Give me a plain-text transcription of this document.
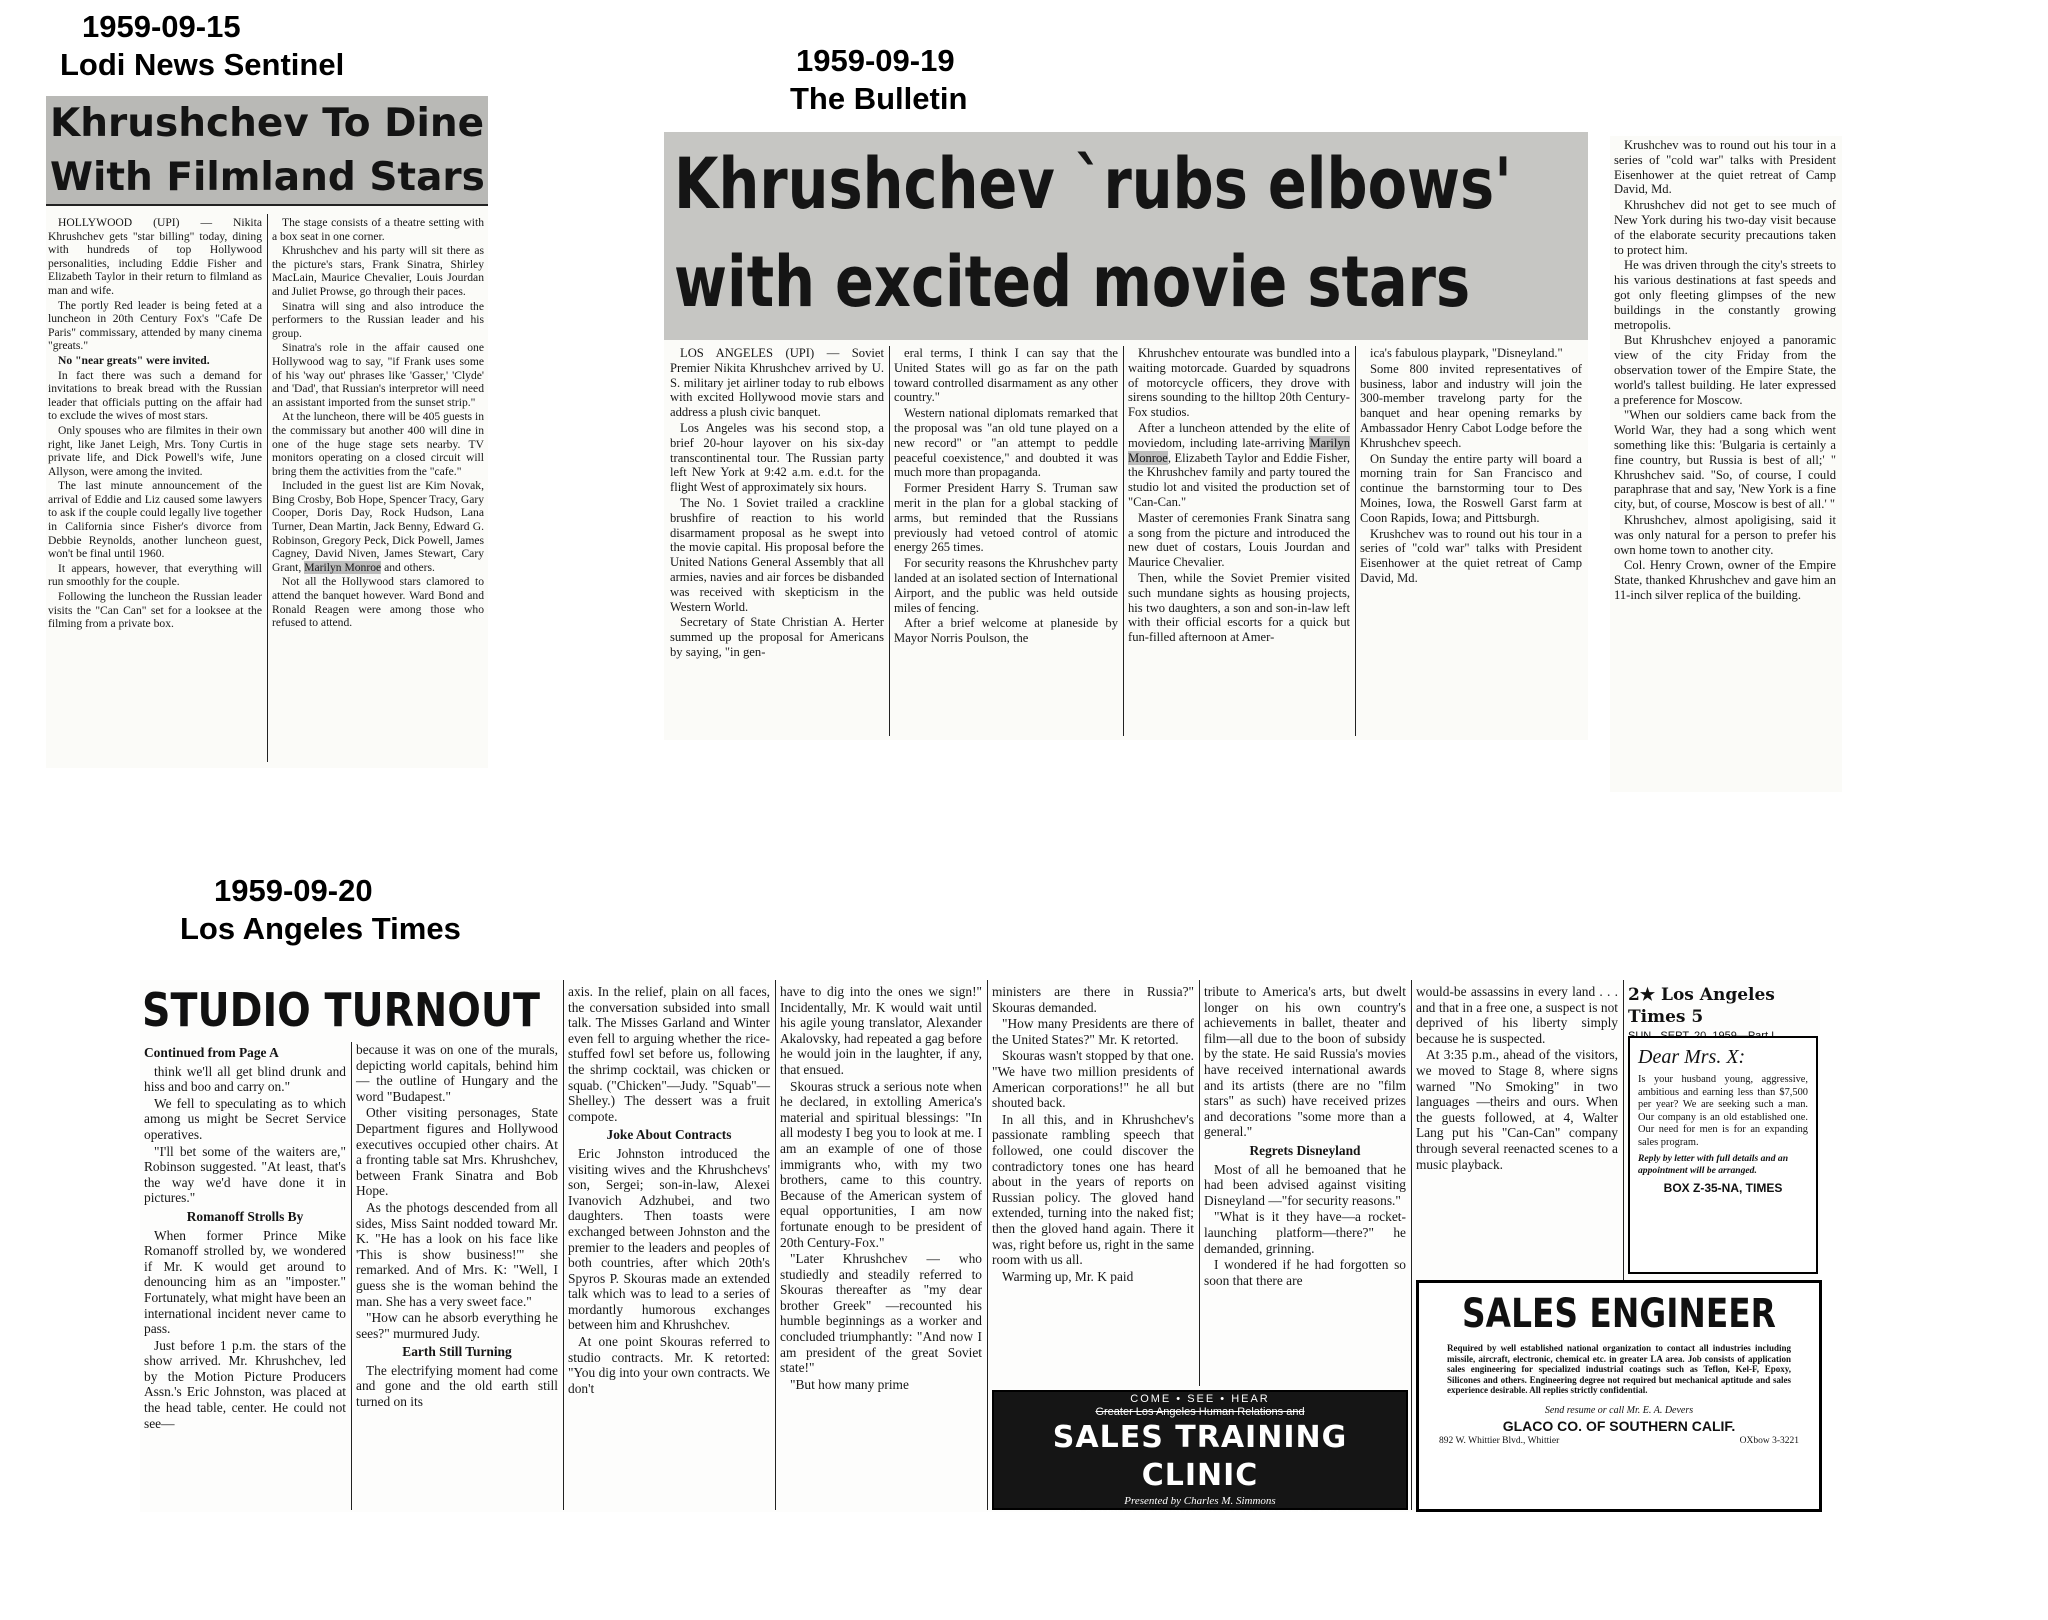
1959-09-15
Lodi News Sentinel	1959-09-19
The Bulletin
1959-09-20
Los Angeles Times
Khrushchev To Dine
With Filmland Stars

HOLLYWOOD (UPI) — Nikita Khrushchev gets "star billing" today, dining with hundreds of top Hollywood personalities, including Eddie Fisher and Elizabeth Taylor in their return to filmland as man and wife.

The portly Red leader is being feted at a luncheon in 20th Century Fox's "Cafe De Paris" commissary, attended by many cinema "greats."

No "near greats" were invited.

In fact there was such a demand for invitations to break bread with the Russian leader that officials putting on the affair had to exclude the wives of most stars.

Only spouses who are filmites in their own right, like Janet Leigh, Mrs. Tony Curtis in private life, and Dick Powell's wife, June Allyson, were among the invited.

The last minute announcement of the arrival of Eddie and Liz caused some lawyers to ask if the couple could legally live together in California since Fisher's divorce from Debbie Reynolds, another luncheon guest, won't be final until 1960.

It appears, however, that everything will run smoothly for the couple.

Following the luncheon the Russian leader visits the "Can Can" set for a looksee at the filming from a private box.

The stage consists of a theatre setting with a box seat in one corner.

Khrushchev and his party will sit there as the picture's stars, Frank Sinatra, Shirley MacLain, Maurice Chevalier, Louis Jourdan and Juliet Prowse, go through their paces.

Sinatra will sing and also introduce the performers to the Russian leader and his group.

Sinatra's role in the affair caused one Hollywood wag to say, "if Frank uses some of his 'way out' phrases like 'Gasser,' 'Clyde' and 'Dad', that Russian's interpretor will need an assistant imported from the sunset strip."

At the luncheon, there will be 405 guests in the commissary but another 400 will dine in one of the huge stage sets nearby. TV monitors operating on a closed circuit will bring them the activities from the "cafe."

Included in the guest list are Kim Novak, Bing Crosby, Bob Hope, Spencer Tracy, Gary Cooper, Doris Day, Rock Hudson, Lana Turner, Dean Martin, Jack Benny, Edward G. Robinson, Gregory Peck, Dick Powell, James Cagney, David Niven, James Stewart, Cary Grant, Marilyn Monroe and others.

Not all the Hollywood stars clamored to attend the banquet however. Ward Bond and Ronald Reagen were among those who refused to attend.

Khrushchev `rubs elbows'
with excited movie stars

LOS ANGELES (UPI) — Soviet Premier Nikita Khrushchev arrived by U. S. military jet airliner today to rub elbows with excited Hollywood movie stars and address a plush civic banquet.

Los Angeles was his second stop, a brief 20-hour layover on his six-day transcontinental tour. The Russian party left New York at 9:42 a.m. e.d.t. for the flight West of approximately six hours.

The No. 1 Soviet trailed a crackline brushfire of reaction to his world disarmament proposal as he swept into the movie capital. His proposal before the United Nations General Assembly that all armies, navies and air forces be disbanded was received with skepticism in the Western World.

Secretary of State Christian A. Herter summed up the proposal for Americans by saying, "in gen-

eral terms, I think I can say that the United States will go as far on the path toward controlled disarmament as any other country."

Western national diplomats remarked that the proposal was "an old tune played on a new record" or "an attempt to peddle peaceful coexistence," and doubted it was much more than propaganda.

Former President Harry S. Truman saw merit in the plan for a global stacking of arms, but reminded that the Russians previously had vetoed control of atomic energy 265 times.

For security reasons the Khrushchev party landed at an isolated section of International Airport, and the public was held outside miles of fencing.

After a brief welcome at planeside by Mayor Norris Poulson, the

Khrushchev entourate was bundled into a waiting motorcade. Guarded by squadrons of motorcycle officers, they drove with sirens sounding to the hilltop 20th Century-Fox studios.

After a luncheon attended by the elite of moviedom, including late-arriving Marilyn Monroe, Elizabeth Taylor and Eddie Fisher, the Khrushchev family and party toured the studio lot and visited the production set of "Can-Can."

Master of ceremonies Frank Sinatra sang a song from the picture and introduced the new duet of costars, Louis Jourdan and Maurice Chevalier.

Then, while the Soviet Premier visited such mundane sights as housing projects, his two daughters, a son and son-in-law left with their official escorts for a quick but fun-filled afternoon at Amer-

ica's fabulous playpark, "Disneyland."

Some 800 invited representatives of business, labor and industry will join the 300-member travelong party for the banquet and hear opening remarks by Ambassador Henry Cabot Lodge before the Khrushchev speech.

On Sunday the entire party will board a morning train for San Francisco and continue the barnstorming tour to Des Moines, Iowa, the Roswell Garst farm at Coon Rapids, Iowa; and Pittsburgh.

Krushchev was to round out his tour in a series of "cold war" talks with President Eisenhower at the quiet retreat of Camp David, Md.

Krushchev was to round out his tour in a series of "cold war" talks with President Eisenhower at the quiet retreat of Camp David, Md.

Khrushchev did not get to see much of New York during his two-day visit because of the elaborate security precautions taken to protect him.

He was driven through the city's streets to his various destinations at fast speeds and got only fleeting glimpses of the new buildings in the constantly growing metropolis.

But Khrushchev enjoyed a panoramic view of the city Friday from the observation tower of the Empire State, the world's tallest building. He later expressed a preference for Moscow.

"When our soldiers came back from the World War, they had a song which went something like this: 'Bulgaria is certainly a fine country, but Russia is best of all;' " Khrushchev said. "So, of course, I could paraphrase that and say, 'New York is a fine city, but, of course, Moscow is best of all.' "

Khrushchev, almost apoligising, said it was only natural for a person to prefer his own home town to another city.

Col. Henry Crown, owner of the Empire State, thanked Khrushchev and gave him an 11-inch silver replica of the building.

STUDIO TURNOUT

Continued from Page A

think we'll all get blind drunk and hiss and boo and carry on."

We fell to speculating as to which among us might be Secret Service operatives.

"I'll bet some of the waiters are," Robinson suggested. "At least, that's the way we'd have done it in pictures."

Romanoff Strolls By

When former Prince Mike Romanoff strolled by, we wondered if Mr. K would get around to denouncing him as an "imposter." Fortunately, what might have been an international incident never came to pass.

Just before 1 p.m. the stars of the show arrived. Mr. Khrushchev, led by the Motion Picture Producers Assn.'s Eric Johnston, was placed at the head table, center. He could not see—

because it was on one of the murals, depicting world capitals, behind him — the outline of Hungary and the word "Budapest."

Other visiting personages, State Department figures and Hollywood executives occupied other chairs. At a fronting table sat Mrs. Khrushchev, between Frank Sinatra and Bob Hope.

As the photogs descended from all sides, Miss Saint nodded toward Mr. K. "He has a look on his face like 'This is show business!'" she remarked. And of Mrs. K: "Well, I guess she is the woman behind the man. She has a very sweet face."

"How can he absorb everything he sees?" murmured Judy.

Earth Still Turning

The electrifying moment had come and gone and the old earth still turned on its

axis. In the relief, plain on all faces, the conversation subsided into small talk. The Misses Garland and Winter even fell to arguing whether the rice-stuffed fowl set before us, following the shrimp cocktail, was chicken or squab. ("Chicken"—Judy. "Squab"—Shelley.) The dessert was a fruit compote.

Joke About Contracts

Eric Johnston introduced the visiting wives and the Khrushchevs' son, Sergei; son-in-law, Alexei Ivanovich Adzhubei, and two daughters. Then toasts were exchanged between Johnston and the premier to the leaders and peoples of both countries, after which 20th's Spyros P. Skouras made an extended talk which was to lead to a series of mordantly humorous exchanges between him and Khrushchev.

At one point Skouras referred to studio contracts. Mr. K retorted: "You dig into your own contracts. We don't

have to dig into the ones we sign!" Incidentally, Mr. K would wait until his agile young translator, Alexander Akalovsky, had repeated a gag before he would join in the laughter, if any, that ensued.

Skouras struck a serious note when he declared, in extolling America's material and spiritual blessings: "In all modesty I beg you to look at me. I am an example of one of those immigrants who, with my two brothers, came to this country. Because of the American system of equal opportunities, I am now fortunate enough to be president of 20th Century-Fox."

"Later Khrushchev — who studiedly and steadily referred to Skouras thereafter as "my dear brother Greek" —recounted his humble beginnings as a worker and concluded triumphantly: "And now I am president of the great Soviet state!"

"But how many prime

ministers are there in Russia?" Skouras demanded.

"How many Presidents are there of the United States?" Mr. K retorted.

Skouras wasn't stopped by that one. "We have two million presidents of American corporations!" he all but shouted back.

In all this, and in Khrushchev's passionate rambling speech that followed, one could discover the contradictory tones one has heard about in the years of reports on Russian policy. The gloved hand extended, turning into the naked fist; then the gloved hand again. There it was, right before us, right in the same room with us all.

Warming up, Mr. K paid

tribute to America's arts, but dwelt longer on his own country's achievements in ballet, theater and film—all due to the boon of subsidy by the state. He said Russia's movies have received international awards and its artists (there are no "film stars" as such) have received prizes and decorations "some more than a general."

Regrets Disneyland

Most of all he bemoaned that he had been advised against visiting Disneyland —"for security reasons."

"What is it they have—a rocket-launching platform—there?" he demanded, grinning.

I wondered if he had forgotten so soon that there are

would-be assassins in every land . . . and that in a free one, a suspect is not deprived of his liberty simply because he is suspected.

At 3:35 p.m., ahead of the visitors, we moved to Stage 8, where signs warned "No Smoking" in two languages —theirs and ours. When the guests followed, at 4, Walter Lang put his "Can-Can" company through several reenacted scenes to a music playback.

2★ Los Angeles Times 5
Dear Mrs. X:
Is your husband young, aggressive, ambitious and earning less than $7,500 per year? We are seeking such a man. Our company is an old established one. Our need for men is for an expanding sales program.
Reply by letter with full details and an appointment will be arranged.
BOX Z-35-NA, TIMES
COME • SEE • HEAR
Greater Los Angeles Human Relations and
SALES TRAINING CLINIC
Presented by Charles M. Simmons
FOR COMPLETE INFORMATION, CALL WEBSTER 1-1251
or see the large ad on pages 10 and 11, part 1A
SALES ENGINEER
Required by well established national organization to contact all industries including missile, aircraft, electronic, chemical etc. in greater LA area. Job consists of application sales engineering for specialized industrial coatings such as Teflon, Kel-F, Epoxy, Silicones and others. Engineering degree not required but mechanical aptitude and sales experience desirable. All replies strictly confidential.
Send resume or call Mr. E. A. Devers
GLACO CO. OF SOUTHERN CALIF.
892 W. Whittier Blvd., Whittier	OXbow 3-3221
